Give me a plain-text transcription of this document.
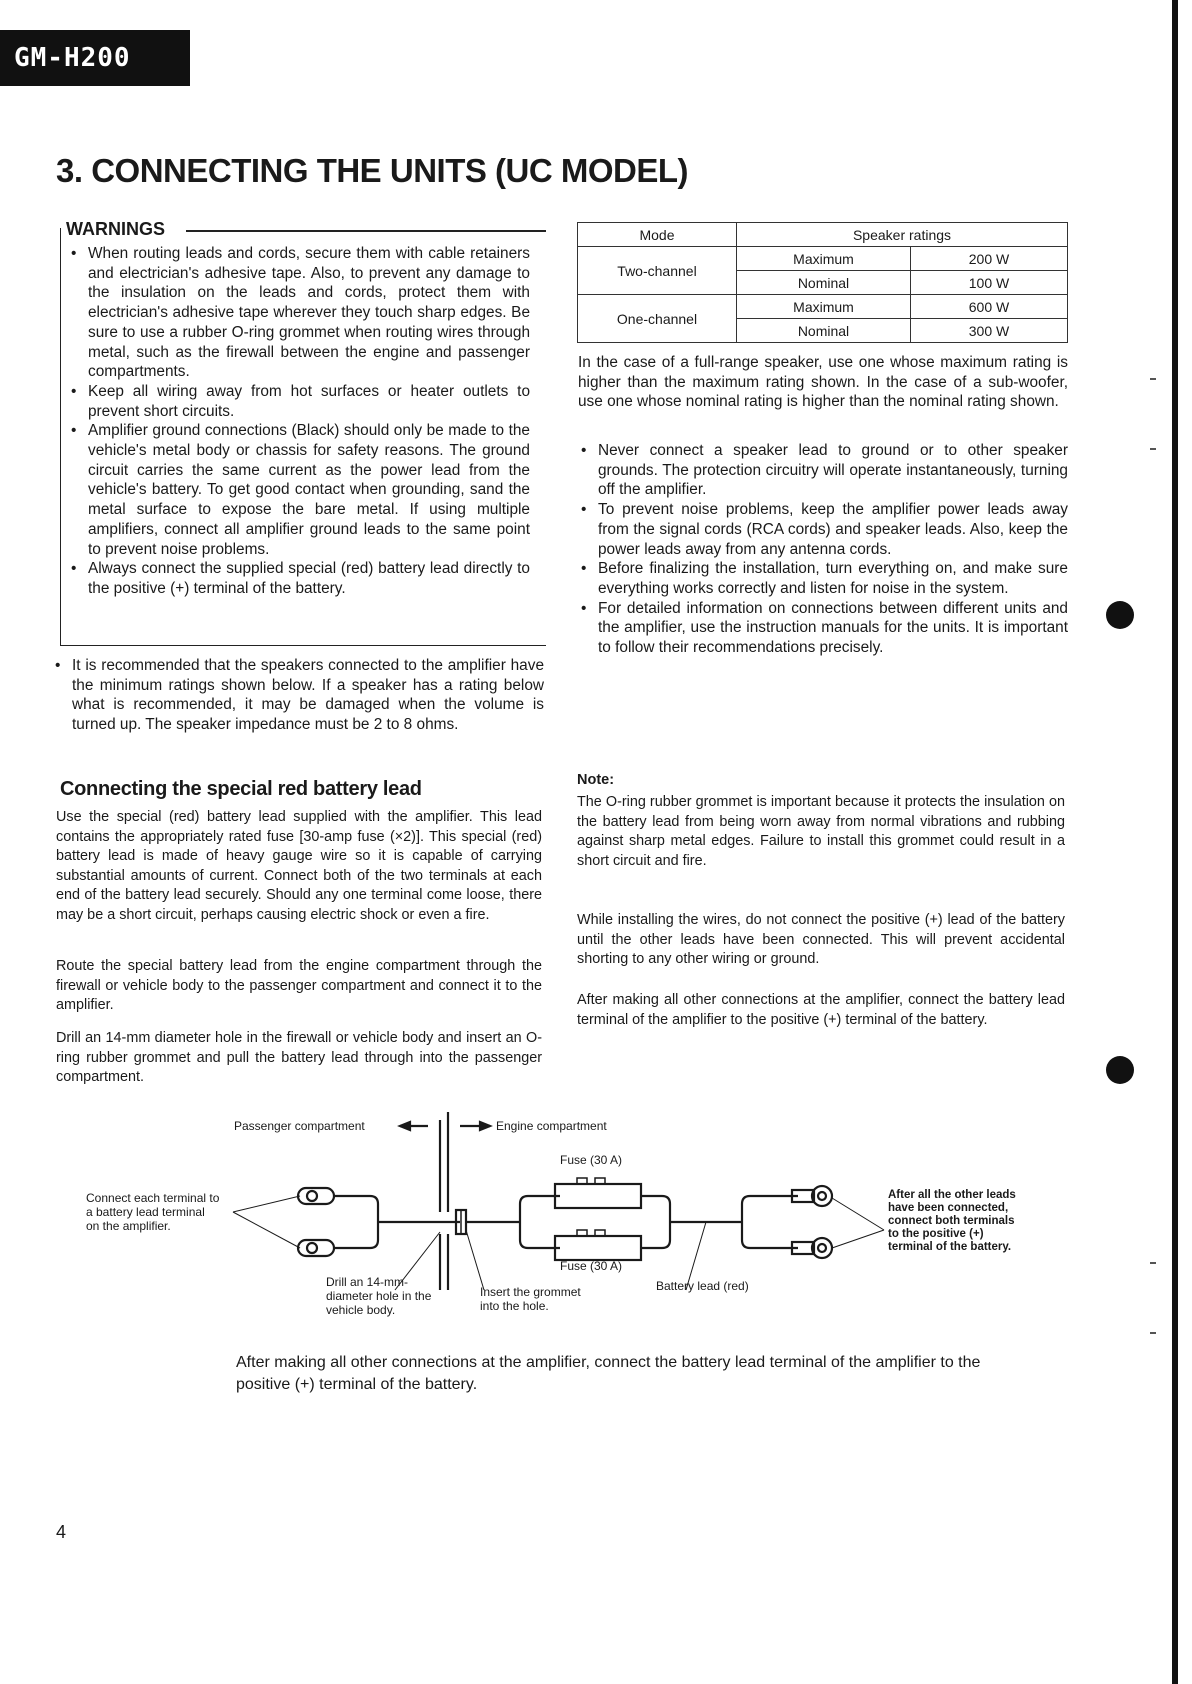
GM-H200
3. CONNECTING THE UNITS (UC MODEL)
WARNINGS
• When routing leads and cords, secure them with cable retainers and electrician's adhesive tape. Also, to prevent any damage to the insulation on the leads and cords, protect them with electrician's adhesive tape wherever they touch sharp edges. Be sure to use a rubber O-ring grommet when routing wires through metal, such as the firewall between the engine and passenger compartments.
• Keep all wiring away from hot surfaces or heater outlets to prevent short circuits.
• Amplifier ground connections (Black) should only be made to the vehicle's metal body or chassis for safety reasons. The ground circuit carries the same current as the power lead from the vehicle's battery. To get good contact when grounding, sand the metal surface to expose the bare metal. If using multiple amplifiers, connect all amplifier ground leads to the same point to prevent noise problems.
• Always connect the supplied special (red) battery lead directly to the positive (+) terminal of the battery.
• It is recommended that the speakers connected to the amplifier have the minimum ratings shown below. If a speaker has a rating below what is recommended, it may be damaged when the volume is turned up. The speaker impedance must be 2 to 8 ohms.
Mode	Speaker ratings	
Two-channel	Maximum	200 W
	Nominal	100 W
One-channel	Maximum	600 W
	Nominal	300 W
In the case of a full-range speaker, use one whose maximum rating is higher than the maximum rating shown. In the case of a sub-woofer, use one whose nominal rating is higher than the nominal rating shown.
• Never connect a speaker lead to ground or to other speaker grounds. The protection circuitry will operate instantaneously, turning off the amplifier.
• To prevent noise problems, keep the amplifier power leads away from the signal cords (RCA cords) and speaker leads. Also, keep the power leads away from any antenna cords.
• Before finalizing the installation, turn everything on, and make sure everything works correctly and listen for noise in the system.
• For detailed information on connections between different units and the amplifier, use the instruction manuals for the units. It is important to follow their recommendations precisely.
Connecting the special red battery lead
Use the special (red) battery lead supplied with the amplifier. This lead contains the appropriately rated fuse [30-amp fuse (×2)]. This special (red) battery lead is made of heavy gauge wire so it is capable of carrying substantial amounts of current. Connect both of the two terminals at each end of the battery lead securely. Should any one terminal come loose, there may be a short circuit, perhaps causing electric shock or even a fire.
Route the special battery lead from the engine compartment through the firewall or vehicle body to the passenger compartment and connect it to the amplifier.
Drill an 14-mm diameter hole in the firewall or vehicle body and insert an O-ring rubber grommet and pull the battery lead through into the passenger compartment.
Note:
The O-ring rubber grommet is important because it protects the insulation on the battery lead from being worn away from normal vibrations and rubbing against sharp metal edges. Failure to install this grommet could result in a short circuit and fire.
While installing the wires, do not connect the positive (+) lead of the battery until the other leads have been connected. This will prevent accidental shorting to any other wiring or ground.
After making all other connections at the amplifier, connect the battery lead terminal of the amplifier to the positive (+) terminal of the battery.
Passenger compartment	Engine compartment
Fuse (30 A)
Fuse (30 A)
Connect each terminal to
a battery lead terminal
on the amplifier.
Drill an 14-mm-
diameter hole in the
vehicle body.
Insert the grommet
into the hole.
Battery lead (red)
After all the other leads
have been connected,
connect both terminals
to the positive (+)
terminal of the battery.
After making all other connections at the amplifier, connect the battery lead terminal of the amplifier to the positive (+) terminal of the battery.
4
